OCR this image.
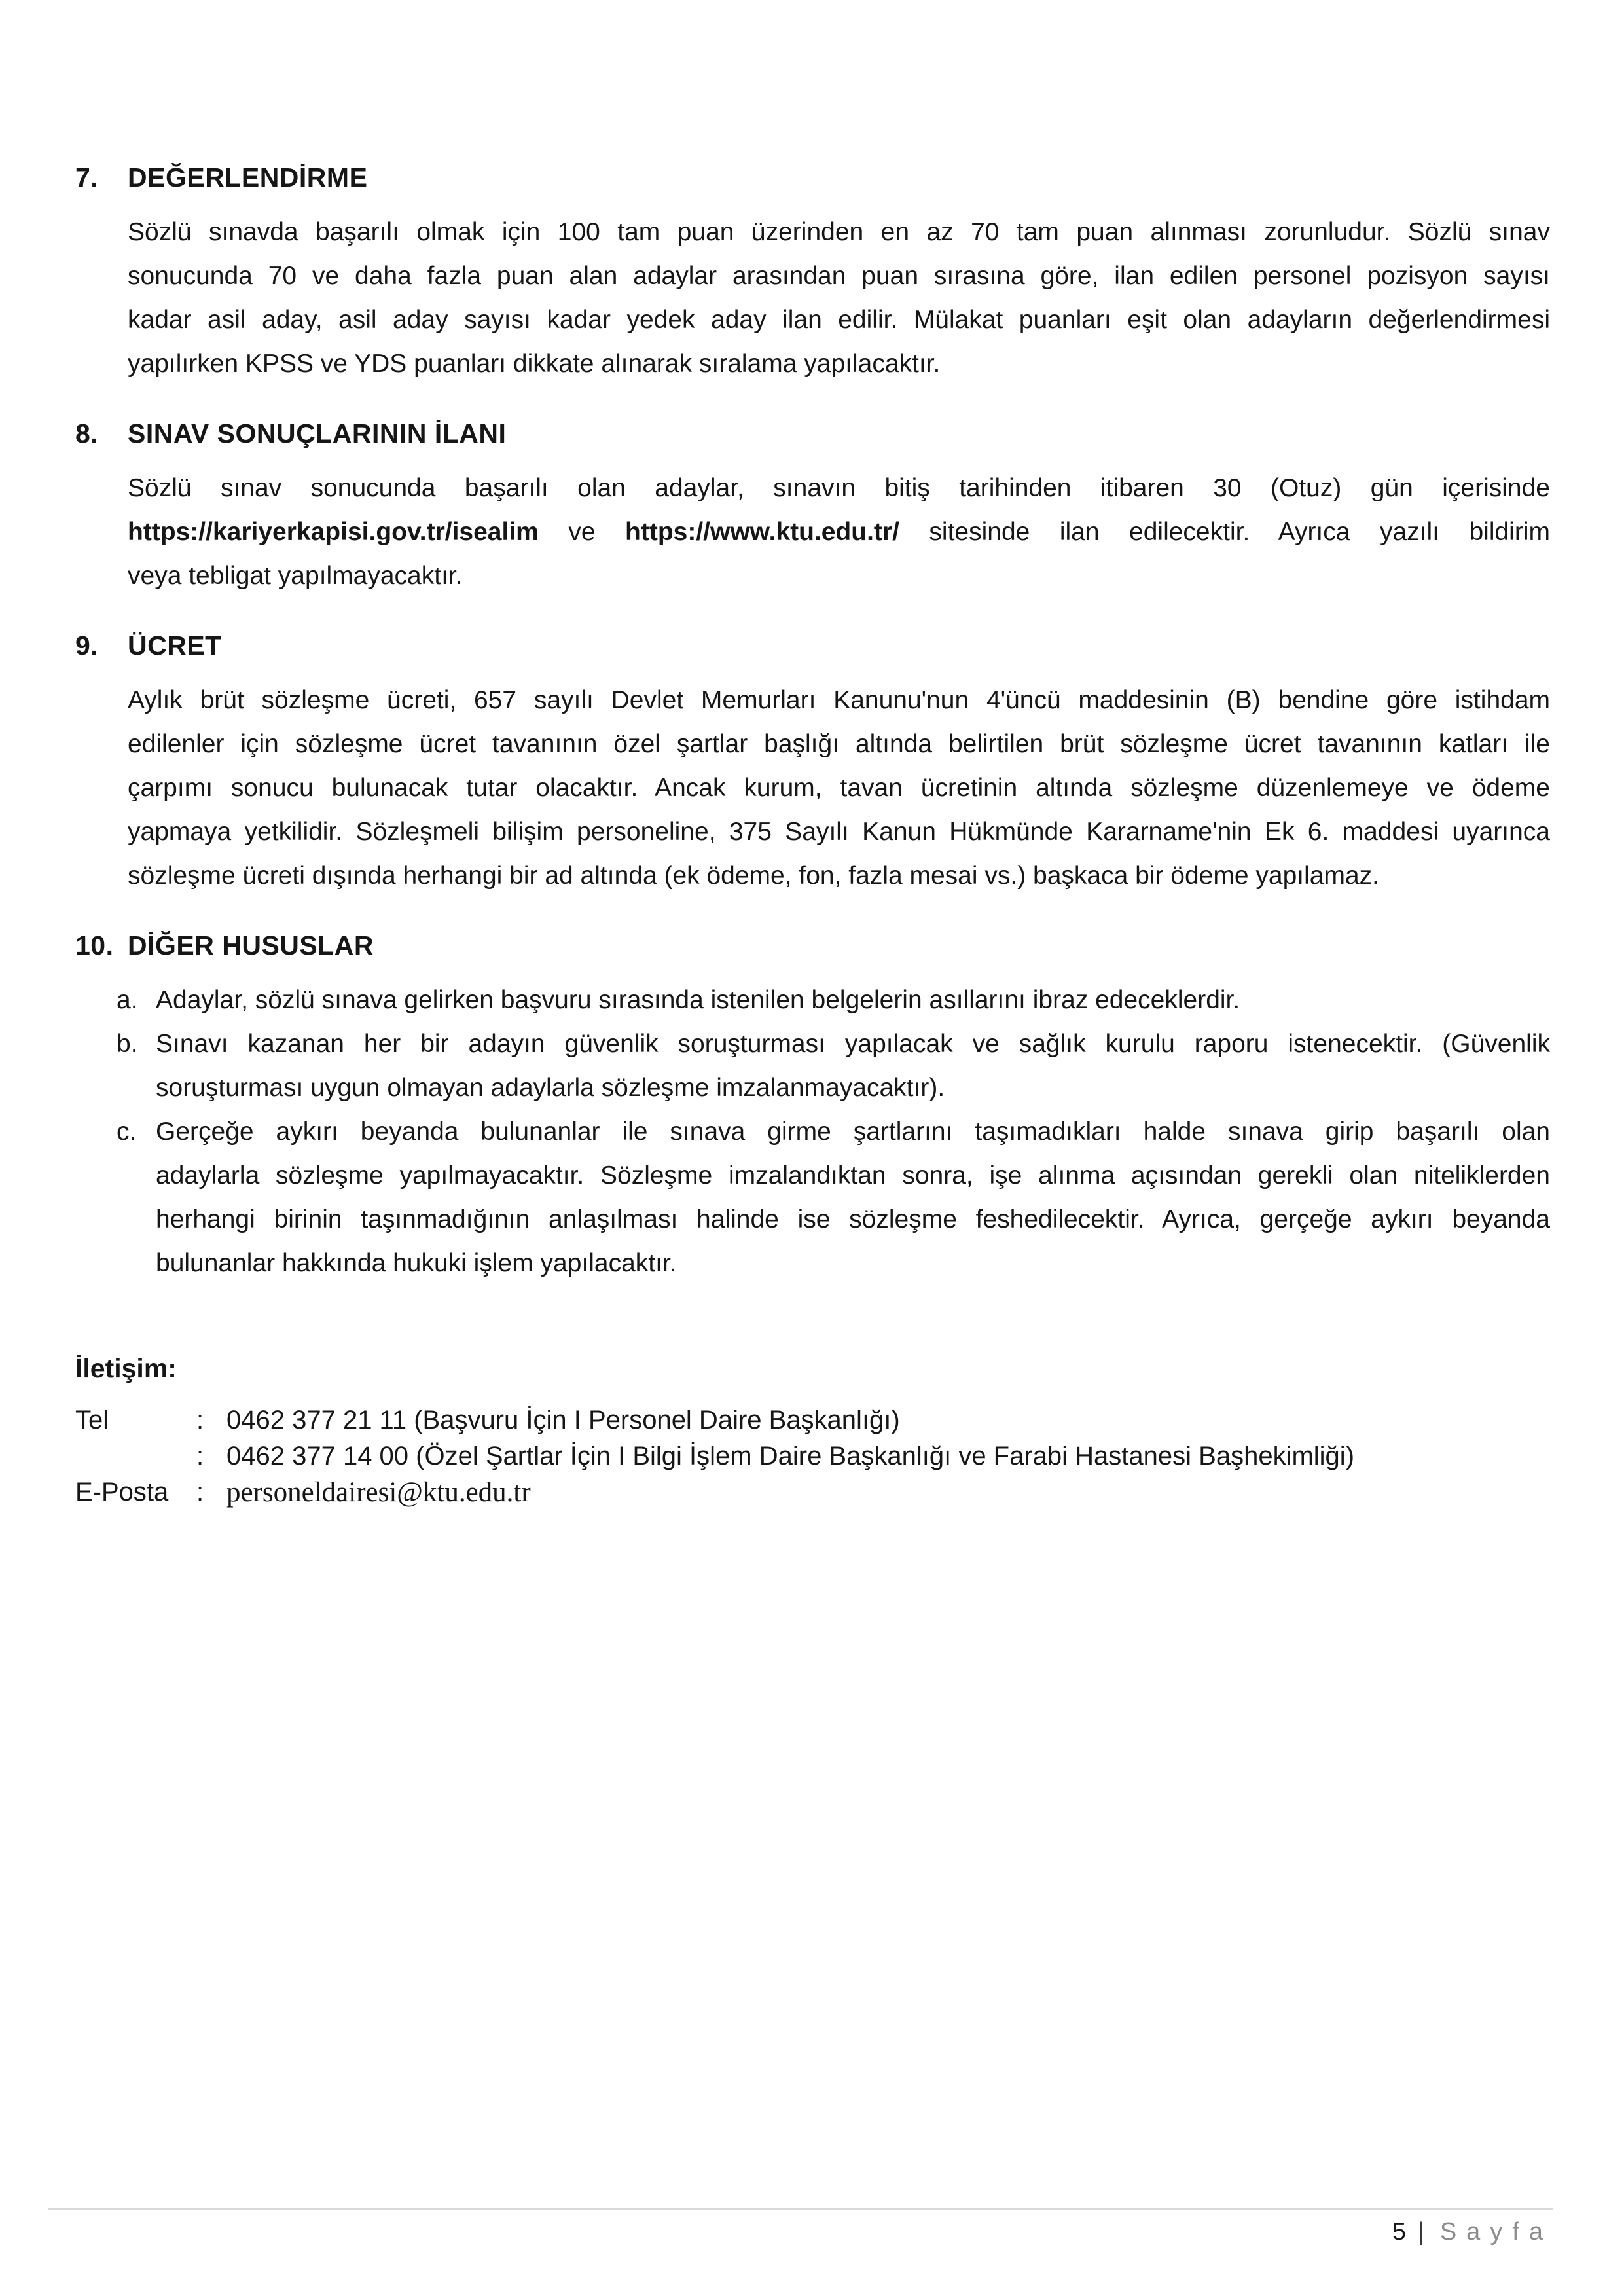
7.	DEĞERLENDİRME
Sözlü sınavda başarılı olmak için 100 tam puan üzerinden en az 70 tam puan alınması zorunludur. Sözlü sınav
sonucunda 70 ve daha fazla puan alan adaylar arasından puan sırasına göre, ilan edilen personel pozisyon sayısı
kadar asil aday, asil aday sayısı kadar yedek aday ilan edilir. Mülakat puanları eşit olan adayların değerlendirmesi
yapılırken KPSS ve YDS puanları dikkate alınarak sıralama yapılacaktır.
8.	SINAV SONUÇLARININ İLANI
Sözlü sınav sonucunda başarılı olan adaylar, sınavın bitiş tarihinden itibaren 30 (Otuz) gün içerisinde
https://kariyerkapisi.gov.tr/isealim ve https://www.ktu.edu.tr/ sitesinde ilan edilecektir. Ayrıca yazılı bildirim
veya tebligat yapılmayacaktır.
9.	ÜCRET
Aylık brüt sözleşme ücreti, 657 sayılı Devlet Memurları Kanunu'nun 4'üncü maddesinin (B) bendine göre istihdam
edilenler için sözleşme ücret tavanının özel şartlar başlığı altında belirtilen brüt sözleşme ücret tavanının katları ile
çarpımı sonucu bulunacak tutar olacaktır. Ancak kurum, tavan ücretinin altında sözleşme düzenlemeye ve ödeme
yapmaya yetkilidir. Sözleşmeli bilişim personeline, 375 Sayılı Kanun Hükmünde Kararname'nin Ek 6. maddesi uyarınca
sözleşme ücreti dışında herhangi bir ad altında (ek ödeme, fon, fazla mesai vs.) başkaca bir ödeme yapılamaz.
10. DİĞER HUSUSLAR
a. Adaylar, sözlü sınava gelirken başvuru sırasında istenilen belgelerin asıllarını ibraz edeceklerdir.
b. Sınavı kazanan her bir adayın güvenlik soruşturması yapılacak ve sağlık kurulu raporu istenecektir. (Güvenlik
soruşturması uygun olmayan adaylarla sözleşme imzalanmayacaktır).
c. Gerçeğe aykırı beyanda bulunanlar ile sınava girme şartlarını taşımadıkları halde sınava girip başarılı olan
adaylarla sözleşme yapılmayacaktır. Sözleşme imzalandıktan sonra, işe alınma açısından gerekli olan niteliklerden
herhangi birinin taşınmadığının anlaşılması halinde ise sözleşme feshedilecektir. Ayrıca, gerçeğe aykırı beyanda
bulunanlar hakkında hukuki işlem yapılacaktır.
İletişim:
Tel	: 0462 377 21 11 (Başvuru İçin I Personel Daire Başkanlığı)
: 0462 377 14 00 (Özel Şartlar İçin I Bilgi İşlem Daire Başkanlığı ve Farabi Hastanesi Başhekimliği)
E-Posta	: personeldairesi@ktu.edu.tr
5 | Sayfa
